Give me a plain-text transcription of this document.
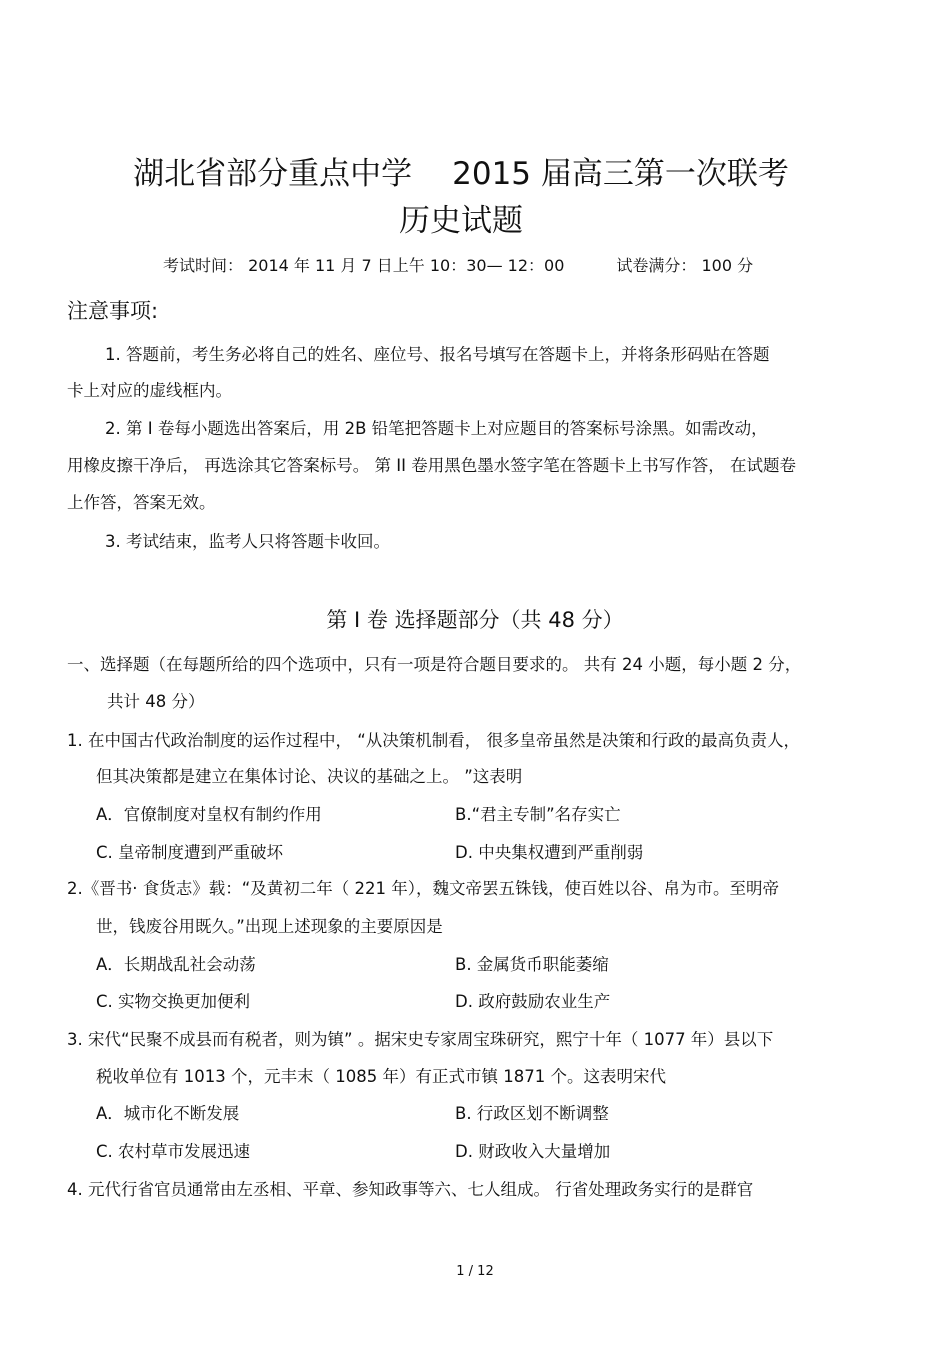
湖北省部分重点中学 2015 届高三第一次联考
历史试题
考试时间： 2014 年 11 月 7 日上午 10：30— 12：00	试卷满分： 100 分
注意事项:
1. 答题前，考生务必将自己的姓名、座位号、报名号填写在答题卡上，并将条形码贴在答题
卡上对应的虚线框内。
2. 第 I 卷每小题选出答案后，用 2B 铅笔把答题卡上对应题目的答案标号涂黑。如需改动，
用橡皮擦干净后， 再选涂其它答案标号。 第 II 卷用黑色墨水签字笔在答题卡上书写作答， 在试题卷
上作答，答案无效。
3. 考试结束，监考人只将答题卡收回。
第 I 卷 选择题部分（共 48 分）
一、选择题（在每题所给的四个选项中，只有一项是符合题目要求的。 共有 24 小题，每小题 2 分，
共计 48 分）
1. 在中国古代政治制度的运作过程中， “从决策机制看， 很多皇帝虽然是决策和行政的最高负责人，
但其决策都是建立在集体讨论、决议的基础之上。 ”这表明
A．官僚制度对皇权有制约作用	B.“君主专制”名存实亡
C. 皇帝制度遭到严重破坏	D. 中央集权遭到严重削弱
2.《晋书· 食货志》载：“及黄初二年（ 221 年），魏文帝罢五铢钱，使百姓以谷、帛为市。至明帝
世，钱废谷用既久。”出现上述现象的主要原因是
A．长期战乱社会动荡	B. 金属货币职能萎缩
C. 实物交换更加便利	D. 政府鼓励农业生产
3. 宋代“民聚不成县而有税者，则为镇” 。据宋史专家周宝珠研究，熙宁十年（ 1077 年）县以下
税收单位有 1013 个，元丰末（ 1085 年）有正式市镇 1871 个。这表明宋代
A．城市化不断发展	B. 行政区划不断调整
C. 农村草市发展迅速	D. 财政收入大量增加
4. 元代行省官员通常由左丞相、平章、参知政事等六、七人组成。 行省处理政务实行的是群官
1 / 12
